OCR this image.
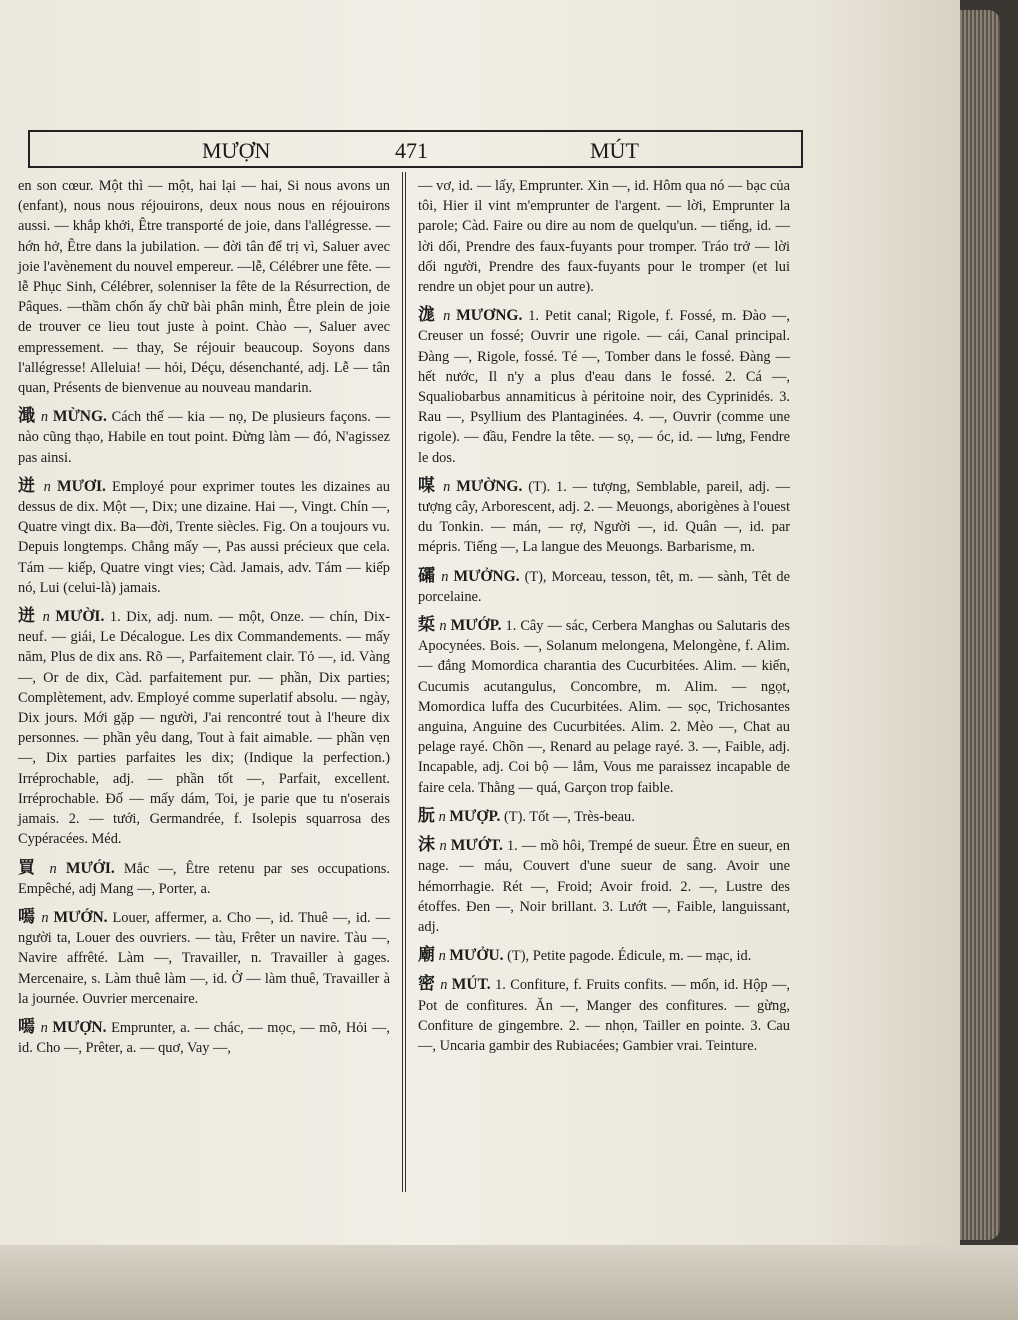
MƯỢN	471	MÚT
en son cœur. Một thì — một, hai lại — hai, Si nous avons un (enfant), nous nous réjouirons, deux nous nous en réjouirons aussi. — khắp khởi, Être transporté de joie, dans l'allégresse. — hớn hở, Être dans la jubilation. — đời tân để trị vì, Saluer avec joie l'avènement du nouvel empereur. —lễ, Célébrer une fête. —lễ Phục Sinh, Célébrer, solenniser la fête de la Résurrection, de Pâques. —thầm chốn ấy chữ bài phân minh, Être plein de joie de trouver ce lieu tout juste à point. Chào —, Saluer avec empressement. — thay, Se réjouir beaucoup. Soyons dans l'allégresse! Alleluia! — hỏi, Déçu, désenchanté, adj. Lễ — tân quan, Présents de bienvenue au nouveau mandarin.
濈 n MỪNG. Cách thế — kia — nọ, De plusieurs façons. — nào cũng thạo, Habile en tout point. Đừng làm — đó, N'agissez pas ainsi.
迸 n MƯƠI. Employé pour exprimer toutes les dizaines au dessus de dix. Một —, Dix; une dizaine. Hai —, Vingt. Chín —, Quatre vingt dix. Ba—đời, Trente siècles. Fig. On a toujours vu. Depuis longtemps. Chẳng mấy —, Pas aussi précieux que cela. Tám — kiếp, Quatre vingt vies; Càd. Jamais, adv. Tám — kiếp nó, Lui (celui-là) jamais.
迸 n MƯỜI. 1. Dix, adj. num. — một, Onze. — chín, Dix-neuf. — giái, Le Décalogue. Les dix Commandements. — mấy năm, Plus de dix ans. Rõ —, Parfaitement clair. Tỏ —, id. Vàng —, Or de dix, Càd. parfaitement pur. — phần, Dix parties; Complètement, adv. Employé comme superlatif absolu. — ngày, Dix jours. Mới gặp — người, J'ai rencontré tout à l'heure dix personnes. — phần yêu dang, Tout à fait aimable. — phần vẹn —, Dix parties parfaites les dix; (Indique la perfection.) Irréprochable, adj. — phần tốt —, Parfait, excellent. Irréprochable. Đố — mấy dám, Toi, je parie que tu n'oserais jamais. 2. — tưới, Germandrée, f. Isolepis squarrosa des Cypéracées. Méd.
買 n MƯỚI. Mắc —, Être retenu par ses occupations. Empêché, adj Mang —, Porter, a.
嘕 n MƯỚN. Louer, affermer, a. Cho —, id. Thuê —, id. — người ta, Louer des ouvriers. — tàu, Frêter un navire. Tàu —, Navire affrêté. Làm —, Travailler, n. Travailler à gages. Mercenaire, s. Làm thuê làm —, id. Ở — làm thuê, Travailler à la journée. Ouvrier mercenaire.
嘕 n MƯỢN. Emprunter, a. — chác, — mọc, — mõ, Hỏi —, id. Cho —, Prêter, a. — quơ, Vay —,
— vơ, id. — lấy, Emprunter. Xin —, id. Hôm qua nó — bạc của tôi, Hier il vint m'emprunter de l'argent. — lời, Emprunter la parole; Càd. Faire ou dire au nom de quelqu'un. — tiếng, id. — lời dối, Prendre des faux-fuyants pour tromper. Tráo trở — lời dối người, Prendre des faux-fuyants pour le tromper (et lui rendre un objet pour un autre).
浝 n MƯƠNG. 1. Petit canal; Rigole, f. Fossé, m. Đào —, Creuser un fossé; Ouvrir une rigole. — cái, Canal principal. Đàng —, Rigole, fossé. Té —, Tomber dans le fossé. Đàng — hết nước, Il n'y a plus d'eau dans le fossé. 2. Cá —, Squaliobarbus annamiticus à péritoine noir, des Cyprinidés. 3. Rau —, Psyllium des Plantaginées. 4. —, Ouvrir (comme une rigole). — đầu, Fendre la tête. — sọ, — óc, id. — lưng, Fendre le dos.
㖼 n MƯỜNG. (T). 1. — tượng, Semblable, pareil, adj. — tượng cây, Arborescent, adj. 2. — Meuongs, aborigènes à l'ouest du Tonkin. — mán, — rợ, Người —, id. Quân —, id. par mépris. Tiếng —, La langue des Meuongs. Barbarisme, m.
礵 n MƯỞNG. (T), Morceau, tesson, têt, m. — sành, Têt de porcelaine.
梊 n MƯỚP. 1. Cây — sác, Cerbera Manghas ou Salutaris des Apocynées. Bois. —, Solanum melongena, Melongène, f. Alim. — đắng Momordica charantia des Cucurbitées. Alim. — kiến, Cucumis acutangulus, Concombre, m. Alim. — ngọt, Momordica luffa des Cucurbitées. Alim. — sọc, Trichosantes anguina, Anguine des Cucurbitées. Alim. 2. Mèo —, Chat au pelage rayé. Chồn —, Renard au pelage rayé. 3. —, Faible, adj. Incapable, adj. Coi bộ — lắm, Vous me paraissez incapable de faire cela. Thằng — quá, Garçon trop faible.
朊 n MƯỢP. (T). Tốt —, Très-beau.
沫 n MƯỚT. 1. — mồ hôi, Trempé de sueur. Être en sueur, en nage. — máu, Couvert d'une sueur de sang. Avoir une hémorrhagie. Rét —, Froid; Avoir froid. 2. —, Lustre des étoffes. Đen —, Noir brillant. 3. Lướt —, Faible, languissant, adj.
廟 n MƯỞU. (T), Petite pagode. Édicule, m. — mạc, id.
密 n MÚT. 1. Confiture, f. Fruits confits. — mốn, id. Hộp —, Pot de confitures. Ăn —, Manger des confitures. — gừng, Confiture de gingembre. 2. — nhọn, Tailler en pointe. 3. Cau —, Uncaria gambir des Rubiacées; Gambier vrai. Teinture.
